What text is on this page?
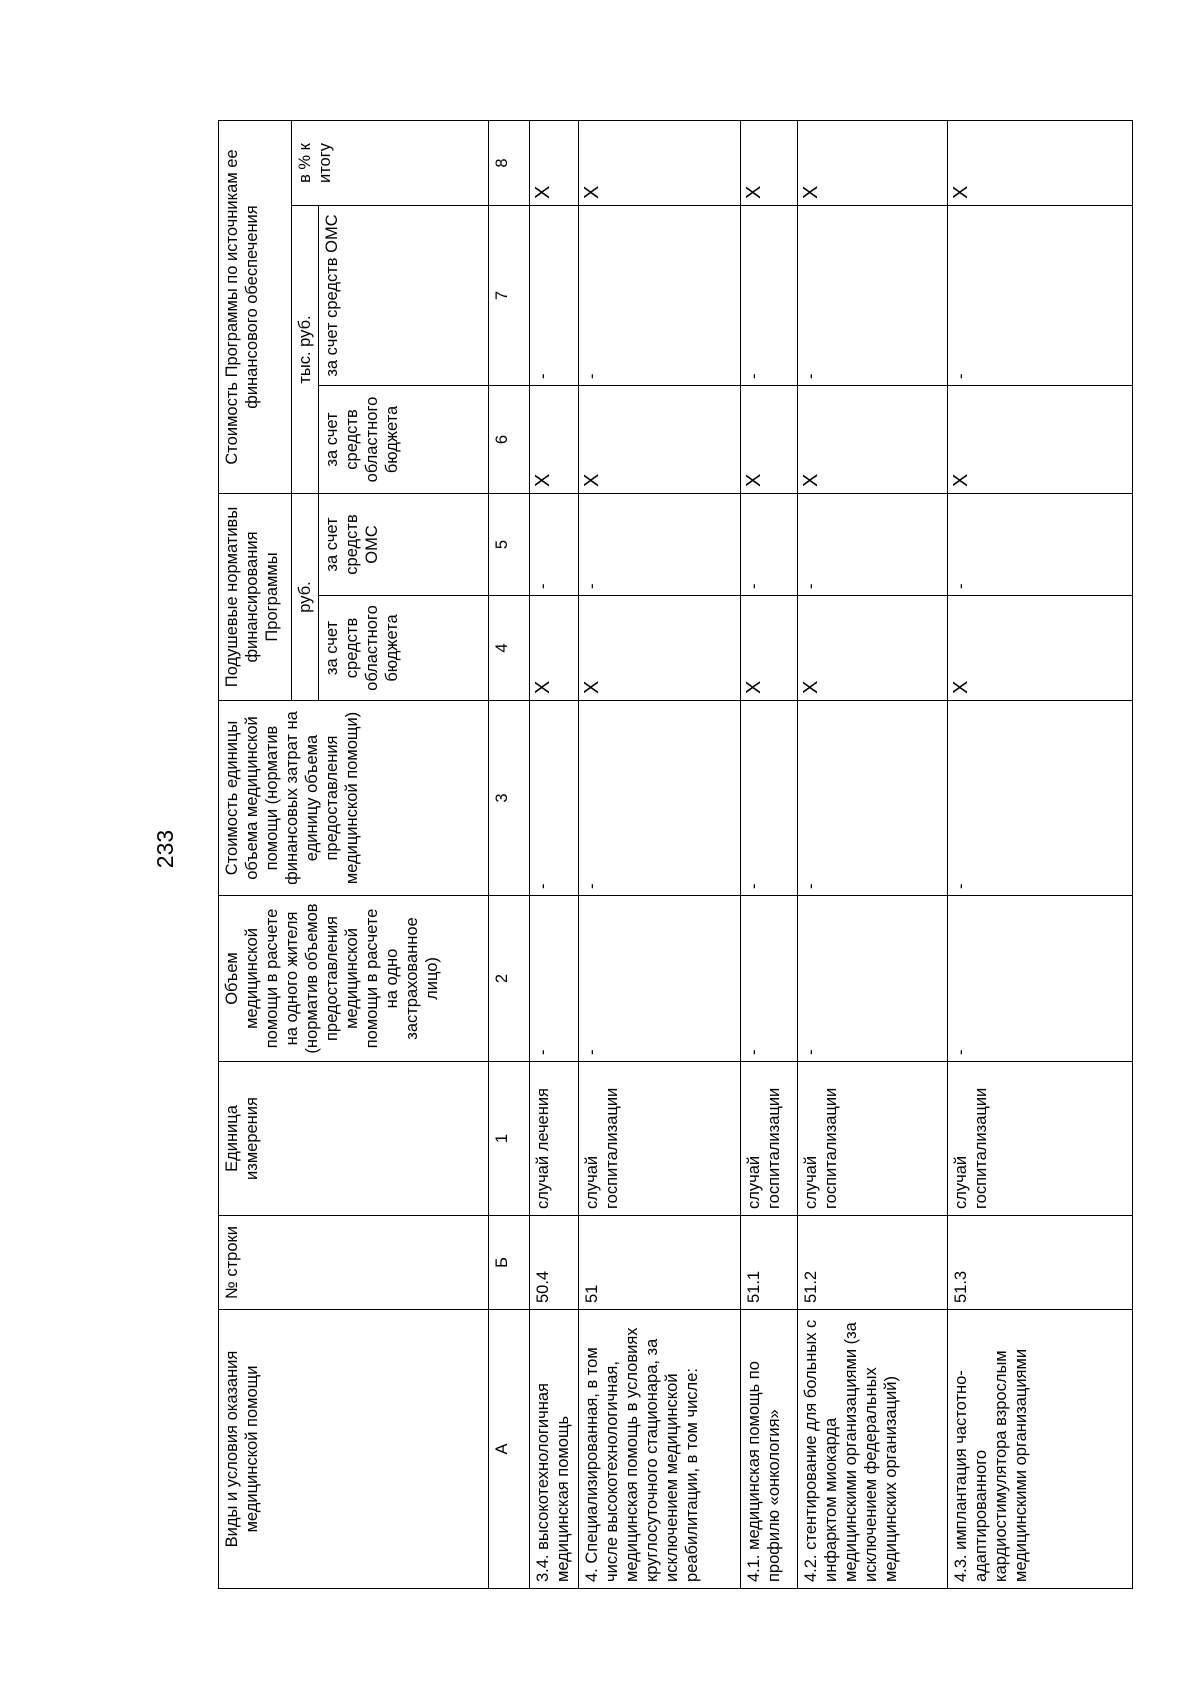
233
Виды и условия оказания медицинской помощи	№ строки	Единица измерения	Объем медицинской помощи в расчете на одного жителя (норматив объемов предоставления медицинской помощи в расчете на одно застрахованное лицо)	Стоимость единицы объема медицинской помощи (норматив финансовых затрат на единицу объема предоставления медицинской помощи)	Подушевые нормативы финансирования Программы		Стоимость Программы по источникам ее финансового обеспечения		
					руб.		тыс. руб.		в % к итогу
					за счет средств областного бюджета	за счет средств ОМС	за счет средств областного бюджета	за счет средств ОМС	
А	Б	1	2	3	4	5	6	7	8
3.4. высокотехнологичная медицинская помощь	50.4	случай лечения	-	-	X	-	X	-	X
4. Специализированная, в том числе высокотехнологичная, медицинская помощь в условиях круглосуточного стационара, за исключением медицинской реабилитации, в том числе:	51	случай госпитализации	-	-	X	-	X	-	X
4.1. медицинская помощь по профилю «онкология»	51.1	случай госпитализации	-	-	X	-	X	-	X
4.2. стентирование для больных с инфарктом миокарда медицинскими организациями (за исключением федеральных медицинских организаций)	51.2	случай госпитализации	-	-	X	-	X	-	X
4.3. имплантация частотно-адаптированного кардиостимулятора взрослым медицинскими организациями	51.3	случай госпитализации	-	-	X	-	X	-	X
